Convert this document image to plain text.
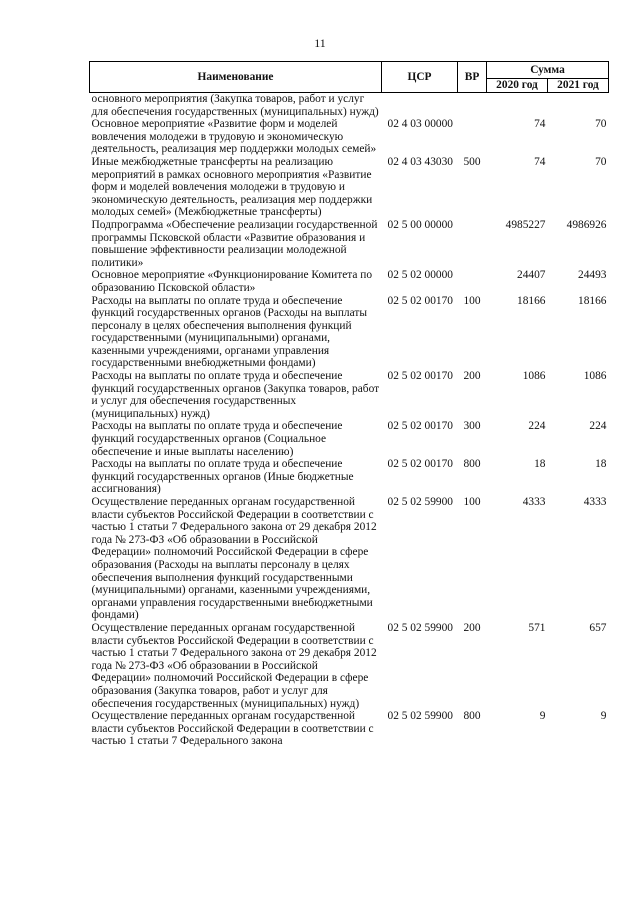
11
Наименование	ЦСР	ВР	Сумма	
			2020 год	2021 год
основного мероприятия (Закупка товаров, работ и услуг для обеспечения государственных (муниципальных) нужд)				
Основное мероприятие «Развитие форм и моделей вовлечения молодежи в трудовую и экономическую деятельность, реализация мер поддержки молодых семей»	02 4 03 00000		74	70
Иные межбюджетные трансферты на реализацию мероприятий в рамках основного мероприятия «Развитие форм и моделей вовлечения молодежи в трудовую и экономическую деятельность, реализация мер поддержки молодых семей» (Межбюджетные трансферты)	02 4 03 43030	500	74	70
Подпрограмма «Обеспечение реализации государственной программы Псковской области «Развитие образования и повышение эффективности реализации молодежной политики»	02 5 00 00000		4985227	4986926
Основное мероприятие «Функционирование Комитета по образованию Псковской области»	02 5 02 00000		24407	24493
Расходы на выплаты по оплате труда и обеспечение функций государственных органов (Расходы на выплаты персоналу в целях обеспечения выполнения функций государственными (муниципальными) органами, казенными учреждениями, органами управления государственными внебюджетными фондами)	02 5 02 00170	100	18166	18166
Расходы на выплаты по оплате труда и обеспечение функций государственных органов (Закупка товаров, работ и услуг для обеспечения государственных (муниципальных) нужд)	02 5 02 00170	200	1086	1086
Расходы на выплаты по оплате труда и обеспечение функций государственных органов (Социальное обеспечение и иные выплаты населению)	02 5 02 00170	300	224	224
Расходы на выплаты по оплате труда и обеспечение функций государственных органов (Иные бюджетные ассигнования)	02 5 02 00170	800	18	18
Осуществление переданных органам государственной власти субъектов Российской Федерации в соответствии с частью 1 статьи 7 Федерального закона от 29 декабря 2012 года № 273-ФЗ «Об образовании в Российской Федерации» полномочий Российской Федерации в сфере образования (Расходы на выплаты персоналу в целях обеспечения выполнения функций государственными (муниципальными) органами, казенными учреждениями, органами управления государственными внебюджетными фондами)	02 5 02 59900	100	4333	4333
Осуществление переданных органам государственной власти субъектов Российской Федерации в соответствии с частью 1 статьи 7 Федерального закона от 29 декабря 2012 года № 273-ФЗ «Об образовании в Российской Федерации» полномочий Российской Федерации в сфере образования (Закупка товаров, работ и услуг для обеспечения государственных (муниципальных) нужд)	02 5 02 59900	200	571	657
Осуществление переданных органам государственной власти субъектов Российской Федерации в соответствии с частью 1 статьи 7 Федерального закона	02 5 02 59900	800	9	9
